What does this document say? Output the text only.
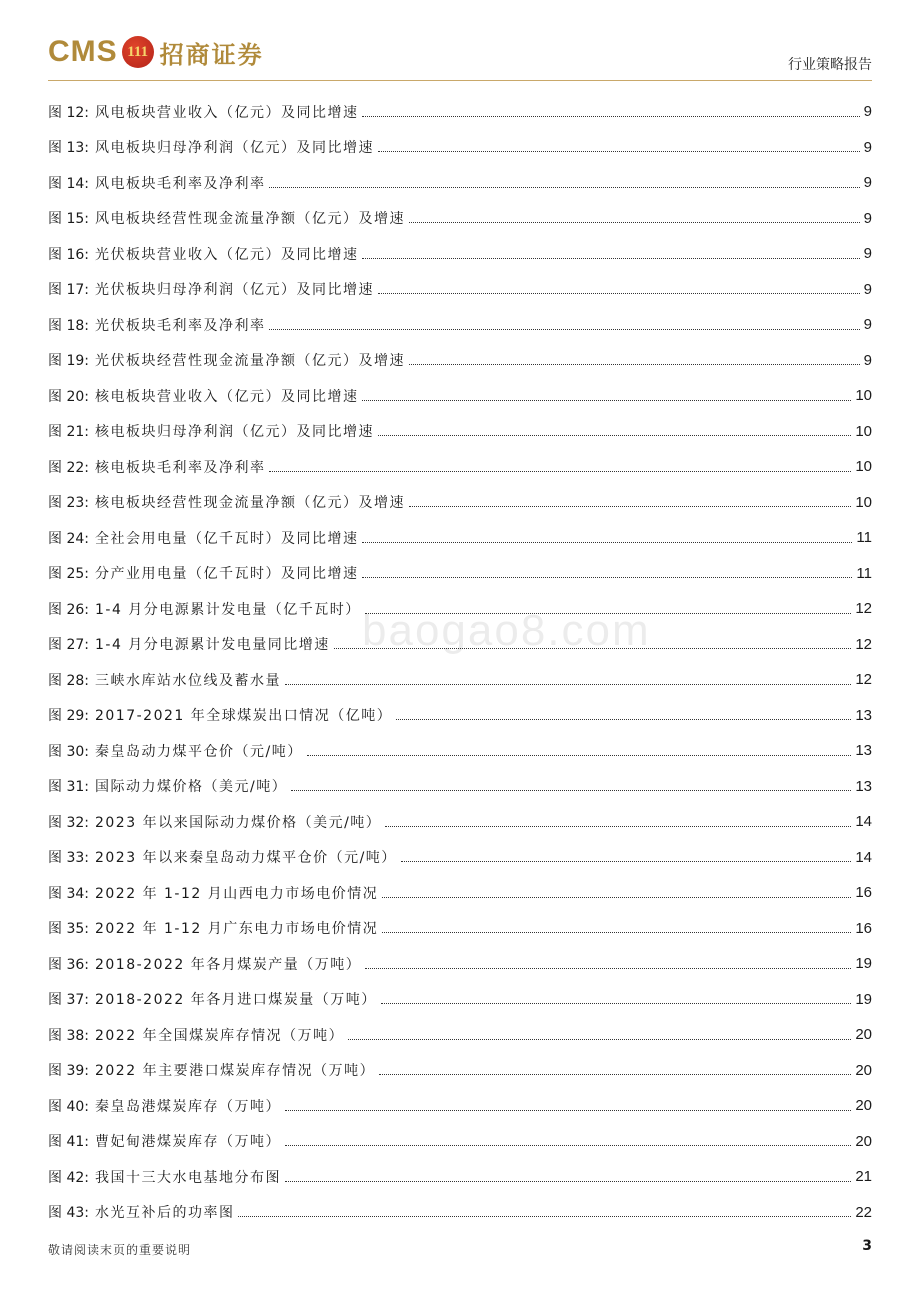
CMS 111 招商证券	行业策略报告
图 12: 风电板块营业收入（亿元）及同比增速	9
图 13: 风电板块归母净利润（亿元）及同比增速	9
图 14: 风电板块毛利率及净利率	9
图 15: 风电板块经营性现金流量净额（亿元）及增速	9
图 16: 光伏板块营业收入（亿元）及同比增速	9
图 17: 光伏板块归母净利润（亿元）及同比增速	9
图 18: 光伏板块毛利率及净利率	9
图 19: 光伏板块经营性现金流量净额（亿元）及增速	9
图 20: 核电板块营业收入（亿元）及同比增速	10
图 21: 核电板块归母净利润（亿元）及同比增速	10
图 22: 核电板块毛利率及净利率	10
图 23: 核电板块经营性现金流量净额（亿元）及增速	10
图 24: 全社会用电量（亿千瓦时）及同比增速	11
图 25: 分产业用电量（亿千瓦时）及同比增速	11
图 26: 1-4 月分电源累计发电量（亿千瓦时）	12
图 27: 1-4 月分电源累计发电量同比增速	12
图 28: 三峡水库站水位线及蓄水量	12
图 29: 2017-2021 年全球煤炭出口情况（亿吨）	13
图 30: 秦皇岛动力煤平仓价（元/吨）	13
图 31: 国际动力煤价格（美元/吨）	13
图 32: 2023 年以来国际动力煤价格（美元/吨）	14
图 33: 2023 年以来秦皇岛动力煤平仓价（元/吨）	14
图 34: 2022 年 1-12 月山西电力市场电价情况	16
图 35: 2022 年 1-12 月广东电力市场电价情况	16
图 36: 2018-2022 年各月煤炭产量（万吨）	19
图 37: 2018-2022 年各月进口煤炭量（万吨）	19
图 38: 2022 年全国煤炭库存情况（万吨）	20
图 39: 2022 年主要港口煤炭库存情况（万吨）	20
图 40: 秦皇岛港煤炭库存（万吨）	20
图 41: 曹妃甸港煤炭库存（万吨）	20
图 42: 我国十三大水电基地分布图	21
图 43: 水光互补后的功率图	22
baogao8.com
敬请阅读末页的重要说明	3
